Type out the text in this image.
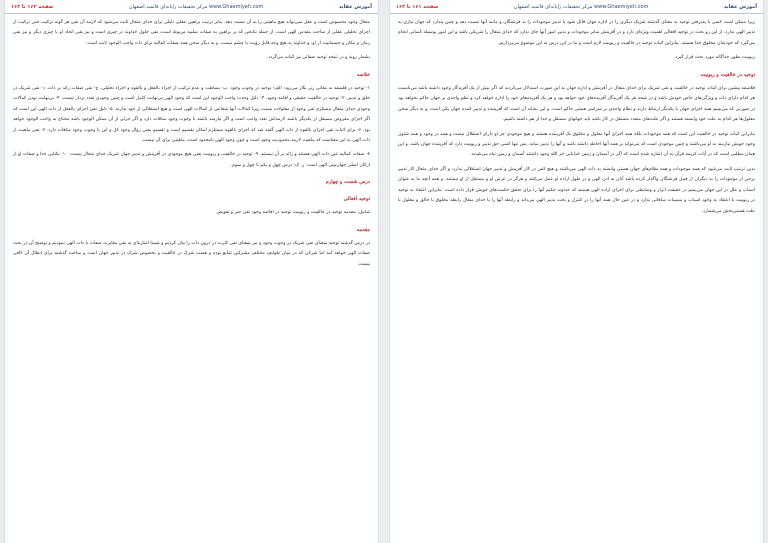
صفحه ۱۶۳ تا ۱۶۲	مرکز تحقیقات رایانه‌ای قائمیه اصفهان www.Ghaemiyeh.com	آموزش عقاید

متعال وجود محسوس است و عقل نمی‌تواند هیچ ماهیتی را به آن نسبت دهد. بنابر ترتیب براهین عقلی دلیلی برای خدای متعال ثابت می‌شود که لازمه آن نفی هر گونه ترکیب حتی ترکیب از اجزای تحلیلی عقلی از ساحت مقدس الهی است. از جمله نتایجی که بر براهین به صفات سلبیه مربوط است، نفی حلول خداوند در چیزی است و نیز نفی اتحاد او با چیزی دیگر و نیز نفی زمان و مکان و جسمانیت از او، و خداوند به هیچ وجه قابل رؤیت با چشم نیست. و به دیگر سخن همه صفات کمالیه برای ذات واجب الوجود ثابت است.

بشمار روند و در نتیجه توحید صفاتی نیز اثبات می‌گردد.

خلاصه

۱- توحید در فلسفه به معانی زیر بکار می‌رود: الف- توحید در وجوب وجود. ب- بساطت و عدم ترکیب از اجزاء بالفعل و بالقوه و اجزاء تحلیلی. ج- نفی صفات زائد بر ذات. د- نفی شریک در خلق و تدبیر. ۲- توحید در خالقیت حقیقی و اقامه وجود. ۳- دلیل وحدت واجب الوجود این است که وجود الهی بی‌نهایت کامل است و چنین وجودی تعدد بردار نیست. ۴- بی‌نهایت بودن کمالات وجودی خدای متعال مستلزم نفی وجود از معلولات نیست زیرا کمالات آنها شعاعی از کمالات الهی است و هیچ استقلالی از خود ندارند. ۵- دلیل نفی اجزای بالفعل از ذات الهی این است که اگر اجزای مفروض مستقل از یکدیگر باشند لازمه‌اش تعدد واجب است و اگر نیازمند باشند با وجوب وجود منافات دارد و اگر جزئی از آن ممکن الوجود باشد محتاج به واجب الوجود خواهد بود. ۶- برای اثبات نفی اجزای بالقوه از ذات الهی گفته شد که اجزای بالقوه مستلزم امکان تقسیم است و تقسیم یعنی زوال وجود کل و این با وجوب وجود منافات دارد. ۷- نفی ماهیت از ذات الهی به این معناست که ماهیت لازمه محدودیت وجود است و چون وجود الهی نامحدود است، ماهیتی برای آن نیست.

۸- صفات کمالیه عین ذات الهی هستند و زائد بر آن نیستند. ۹- توحید در خالقیت و ربوبیت یعنی هیچ موجودی در آفرینش و تدبیر جهان شریک خدای متعال نیست. ۱۰- یکتایی خدا و صفات او از ارکان اصلی جهان‌بینی الهی است. ر. ک: درس چهل و یکم تا چهل و سوم.

درس شصت و چهارم
توحید افعالی

شامل: مقدمه توحید در خالقیت و ربوبیت توحید در افاضه وجود نفی جبر و تفویض

مقدمه

در درس گذشته توحید بمعنای نفی شریک در وجوب وجود و نیز بمعنای نفی کثرت در درون ذات را بیان کردیم و ضمنا اشاره‌ای به نفی مغایرت صفات با ذات الهی نمودیم و توضیح آن در بحث صفات الهی خواهد آمد اما شرکی که در میان طوایف مختلف مشرکین شایع بوده و هست شرک در خالقیت و بخصوص شرک در تدبیر جهان است و مباحث گذشته برای ابطال آن کافی نیست.

صفحه ۱۶۱ تا ۱۶۲	مرکز تحقیقات رایانه‌ای قائمیه اصفهان www.Ghaemiyeh.com	آموزش عقاید

زیرا ممکن است کسی با پذیرفتن توحید به معنای گذشته شریک دیگری را در اداره جهان قائل شود یا تدبیر موجودات را به فرشتگان و مانند آنها نسبت دهد و چنین پندارد که جهان نیازی به تدبیر الهی ندارد. از این رو بحث در توحید افعالی اهمیت ویژه‌ای دارد و در آفرینش سایر موجودات و تدبیر امور آنها جای ندارد که خدای متعال را شریکی باشد و این امور بوسیله کسانی انجام می‌گیرد که خودشان مخلوق خدا هستند. بنابراین اثبات توحید در خالقیت و ربوبیت لازم است و ما در این درس به این موضوع می‌پردازیم.

ربوبیت بطور جداگانه مورد بحث قرار گیرد.

توحید در خالقیت و ربوبیت

فلاسفه پیشین برای اثبات توحید در خالقیت و نفی شریک برای خدای متعال در آفرینش و اداره جهان به این صورت استدلال می‌کردند که اگر بیش از یک آفریدگار وجود داشته باشد می‌بایست هر کدام دارای ذات و ویژگی‌های خاص خودش باشد و در نتیجه هر یک آفریدگار آفریده‌های خود خواهد بود و هر یک آفریده‌های خود را اداره خواهد کرد و نظم واحدی بر جهان حاکم نخواهد بود در صورتی که می‌بینیم همه اجزای جهان با یکدیگر ارتباط دارند و نظام واحدی بر سراسر هستی حاکم است. و این نشانه آن است که آفریننده و تدبیر کننده جهان یکی است. و به دیگر سخن معلول‌ها هر کدام به علت خود وابسته هستند و اگر علت‌های متعدد مستقل در کار باشد باید جهانهای مستقل و جدا از هم داشته باشیم.

بنابراین اثبات توحید در خالقیت این است که همه موجودات بلکه همه اجزای آنها معلول و مخلوق یک آفریننده هستند و هیچ موجودی جز او دارای استقلال نیست و همه در وجود و همه شئون وجود خویش نیازمند به او می‌باشند و چنین موجودی است که می‌تواند بر همه آنها احاطه داشته باشد و آنها را تدبیر نماید. پس تنها کسی حق تدبیر و ربوبیت دارد که آفریننده جهان باشد. و این همان مطلبی است که در آیات کریمه قرآن به آن اشاره شده است که اگر در آسمان و زمین خدایانی جز الله وجود داشتند آسمان و زمین تباه می‌شدند.

بدین ترتیب ثابت می‌شود که همه موجودات و همه نظام‌های جهان هستی وابسته به ذات الهی می‌باشند و هیچ کس در کار آفرینش و تدبیر جهان استقلالی ندارد، و اگر خدای متعال کار تدبیر برخی از موجودات را به دیگران از قبیل فرشتگان واگذار کرده باشد آنان به اذن الهی و در طول اراده او عمل می‌کنند و هرگز در عرض او و مستقل از او نیستند. و همه آنچه ما به عنوان اسباب و علل در این جهان می‌بینیم در حقیقت ابزار و وسایطی برای اجرای اراده الهی هستند که خداوند حکیم آنها را برای تحقق حکمت‌های خویش قرار داده است. بنابراین اعتقاد به توحید در ربوبیت با اعتقاد به وجود اسباب و مسببات منافاتی ندارد و در عین حال همه آنها را در کنترل و تحت تدبیر الهی می‌داند و رابطه آنها را با خدای متعال رابطه مخلوق با خالق و معلول با علت هستی‌بخش می‌شمارد.
